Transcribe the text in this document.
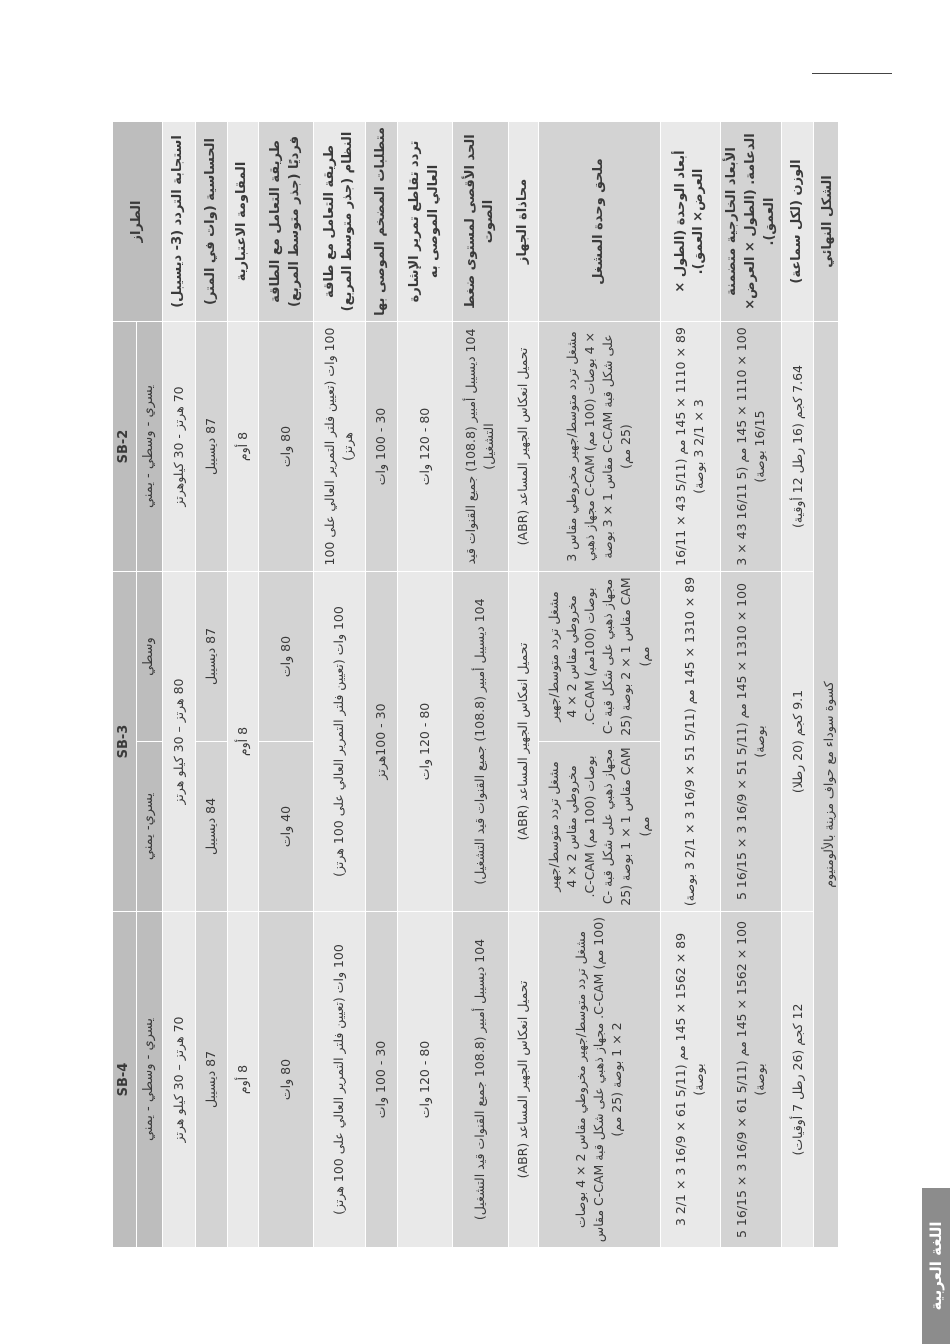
الطراز	SB-2	SB-3		SB-4
	يسري - وسطي - يمني	وسطي	يسري- يمني	يسري - وسطي - يمني
استجابة التردد (3- ديسيبل)	70 هرتز - 30 كيلوهرتز	80 هرتز – 30 كيلو هرتز		70 هرتز – 30 كيلو هرتز
الحساسية (وات في المتر)	87 ديسيبل	87 ديسيبل	84 ديسيبل	87 ديسيبل
المقاومة الاعتبارية	8 أوم	8 أوم		8 أوم
طريقة التعامل مع الطاقة فرديًا (جذر متوسط المربع)	80 وات	80 وات	40 وات	80 وات
طريقة التعامل مع طاقة النظام (جذر متوسط المربع)	100 وات (تعيين فلتر التمرير العالي على 100 هرتز)	100 وات (تعيين فلتر التمرير العالي على 100 هرتز)		100 وات (تعيين فلتر التمرير العالي على 100 هرتز)
متطلبات المضخم الموصى بها	30 - 100 وات	30 - 100هرتز		30 - 100 وات
تردد تقاطع تمرير الإشارة العالي الموصى به	80 - 120 وات	80 - 120 وات		80 - 120 وات
الحد الأقصى لمستوى ضغط الصوت	104 ديسيبل أمبير (108.8) جميع القنوات قيد التشغيل)	104 ديسيبل أمبير (108.8) جميع القنوات قيد التشغيل)		104 ديسيبل أمبير (108.8 جميع القنوات قيد التشغيل)
محاذاة الجهاز	تحميل انعكاس الجهير المساعد (ABR)	تحميل انعكاس الجهير المساعد (ABR)		تحميل انعكاس الجهير المساعد (ABR)
ملحق وحدة المشغل	مشغل تردد متوسط/جهير مخروطي مقاس 3 × 4 بوصات (100 مم) C-CAM مجهاز ذهبي على شكل قبة C-CAM مقاس 1 × 3 بوصة (25 مم)	مشغل تردد متوسط/جهير مخروطي مقاس 2 × 4 بوصات (100مم) C-CAM. مجهاز ذهبي على شكل قبة C-CAM مقاس 1 × 2 بوصة (25 مم)	مشغل تردد متوسط/جهير مخروطي مقاس 2 × 4 بوصات (100 مم) C-CAM. مجهاز ذهبي على شكل قبة C-CAM مقاس 1 × 1 بوصة (25 مم)	مشغل تردد متوسط/جهير مخروطي مقاس 2 × 4 بوصات (100 مم) C-CAM. مجهاز ذهبي على شكل قبة C-CAM مقاس 2 × 1 بوصة (25 مم)
أبعاد الوحدة (الطول × العرض× العمق).	89 × 1110 × 145 مم (5/11 43 × 16/11 3 × 2/1 3 بوصة)	89 × 1310 × 145 مم (5/11 51 × 16/9 3 × 2/1 3 بوصة)		89 × 1562 × 145 مم (5/11 61 × 16/9 3 × 2/1 3 بوصة)
الأبعاد الخارجية متضمنة الدعامة. (الطول × العرض× العمق).	100 × 1110 × 145 مم (5 16/11 43 × 3 16/15 بوصة)	100 × 1310 × 145 مم (5/11 51 × 16/9 3 × 16/15 5 بوصة)		100 × 1562 × 145 مم (5/11 61 × 16/9 3 × 16/15 5 بوصة)
الوزن (لكل سماعة)	7.64 كجم (16 رطل 12 أوقية)	9.1 كجم (20 رطلا)		12 كجم (26 رطل 7 أوقيات)
الشكل النهائي	كسوة سوداء مع حواف مزينة بالألومنيوم			
اللغة العربية
